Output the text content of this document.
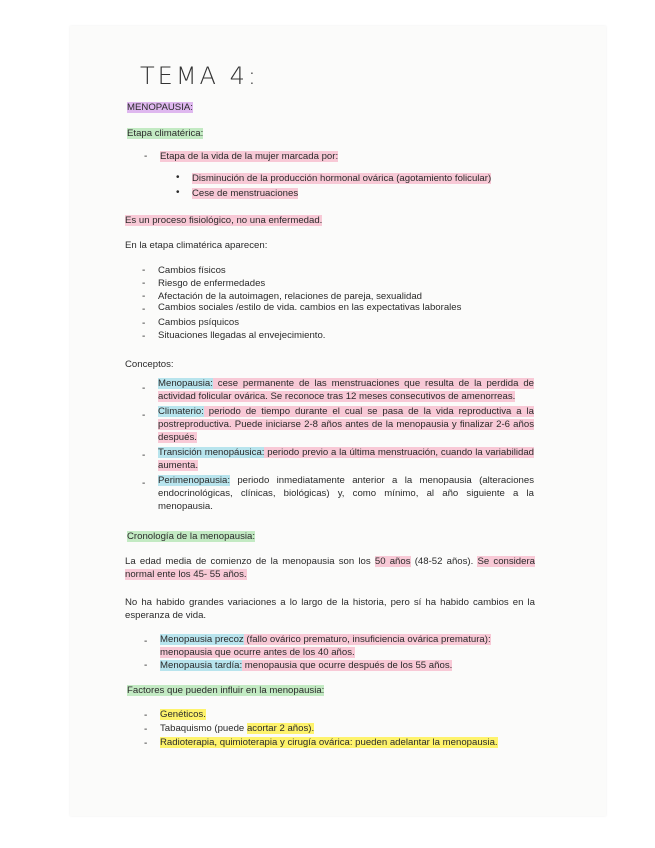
TEMA 4:
MENOPAUSIA:
Etapa climatérica:
- Etapa de la vida de la mujer marcada por:
• Disminución de la producción hormonal ovárica (agotamiento folicular)
• Cese de menstruaciones
Es un proceso fisiológico, no una enfermedad.
En la etapa climatérica aparecen:
- Cambios físicos
- Riesgo de enfermedades
- Afectación de la autoimagen, relaciones de pareja, sexualidad
- Cambios sociales /estilo de vida. cambios en las expectativas laborales
- Cambios psíquicos
- Situaciones llegadas al envejecimiento.
Conceptos:
- Menopausia: cese permanente de las menstruaciones que resulta de la perdida de actividad folicular ovárica. Se reconoce tras 12 meses consecutivos de amenorreas.
- Climaterio: periodo de tiempo durante el cual se pasa de la vida reproductiva a la postreproductiva. Puede iniciarse 2-8 años antes de la menopausia y finalizar 2-6 años después.
- Transición menopáusica: periodo previo a la última menstruación, cuando la variabilidad aumenta.
- Perimenopausia: periodo inmediatamente anterior a la menopausia (alteraciones endocrinológicas, clínicas, biológicas) y, como mínimo, al año siguiente a la menopausia.
Cronología de la menopausia:
La edad media de comienzo de la menopausia son los 50 años (48-52 años). Se considera normal ente los 45- 55 años.
No ha habido grandes variaciones a lo largo de la historia, pero sí ha habido cambios en la esperanza de vida.
- Menopausia precoz (fallo ovárico prematuro, insuficiencia ovárica prematura):
menopausia que ocurre antes de los 40 años.
- Menopausia tardía: menopausia que ocurre después de los 55 años.
Factores que pueden influir en la menopausia:
- Genéticos.
- Tabaquismo (puede acortar 2 años).
- Radioterapia, quimioterapia y cirugía ovárica: pueden adelantar la menopausia.
